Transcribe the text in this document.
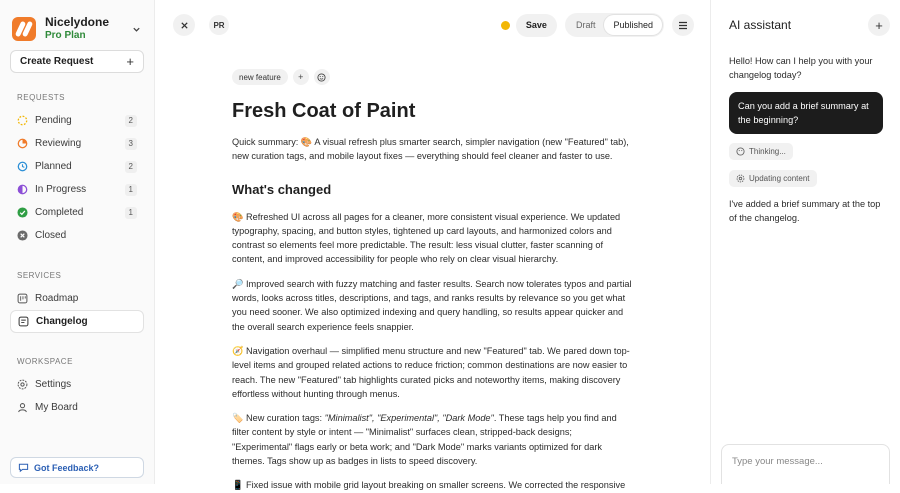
Nicelydone
Pro Plan
Create Request	+
REQUESTS
Pending	2
Reviewing	3
Planned	2
In Progress	1
Completed	1
Closed
SERVICES
Roadmap
Changelog
WORKSPACE
Settings
My Board
Got Feedback?
PR	Save	Draft	Published
new feature	+
Fresh Coat of Paint

Quick summary: 🎨 A visual refresh plus smarter search, simpler navigation (new "Featured" tab), new curation tags, and mobile layout fixes — everything should feel cleaner and faster to use.

What's changed

🎨 Refreshed UI across all pages for a cleaner, more consistent visual experience. We updated typography, spacing, and button styles, tightened up card layouts, and harmonized colors and contrast so elements feel more predictable. The result: less visual clutter, faster scanning of content, and improved accessibility for people who rely on clear visual hierarchy.

🔎 Improved search with fuzzy matching and faster results. Search now tolerates typos and partial words, looks across titles, descriptions, and tags, and ranks results by relevance so you get what you need sooner. We also optimized indexing and query handling, so results appear quicker and the overall search experience feels snappier.

🧭 Navigation overhaul — simplified menu structure and new "Featured" tab. We pared down top-level items and grouped related actions to reduce friction; common destinations are now easier to reach. The new "Featured" tab highlights curated picks and noteworthy items, making discovery effortless without hunting through menus.

🏷️ New curation tags: "Minimalist", "Experimental", "Dark Mode". These tags help you find and filter content by style or intent — "Minimalist" surfaces clean, stripped-back designs; "Experimental" flags early or beta work; and "Dark Mode" marks variants optimized for dark themes. Tags show up as badges in lists to speed discovery.

📱 Fixed issue with mobile grid layout breaking on smaller screens. We corrected the responsive

AI assistant	+
Hello! How can I help you with your changelog today?
Can you add a brief summary at the beginning?
Thinking...
Updating content
I've added a brief summary at the top of the changelog.
Type your message...
